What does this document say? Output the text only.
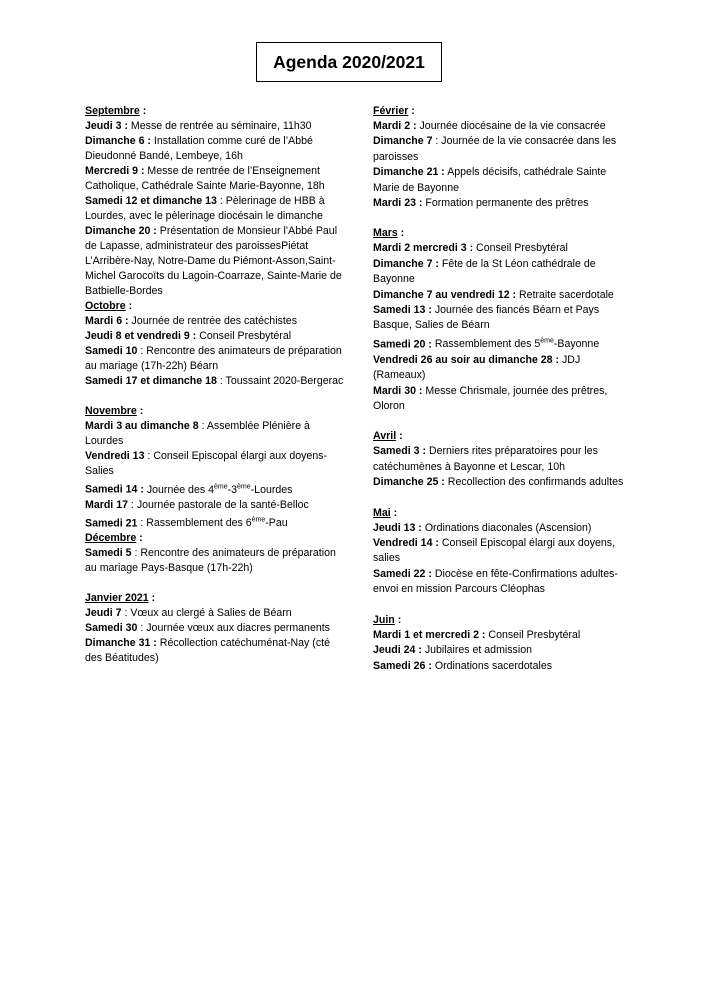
Agenda 2020/2021
Septembre :
Jeudi 3 : Messe de rentrée au séminaire, 11h30
Dimanche 6 : Installation comme curé de l’Abbé Dieudonné Bandé, Lembeye, 16h
Mercredi 9 : Messe de rentrée de l’Enseignement Catholique, Cathédrale Sainte Marie-Bayonne, 18h
Samedi 12 et dimanche 13 : Pèlerinage de HBB à Lourdes, avec le pèlerinage diocésain le dimanche
Dimanche 20 : Présentation de Monsieur l’Abbé Paul de Lapasse, administrateur des paroissesPiétat L’Arribère-Nay, Notre-Dame du Piémont-Asson,Saint-Michel Garocoïts du Lagoin-Coarraze, Sainte-Marie de Batbielle-Bordes
Octobre :
Mardi 6 : Journée de rentrée des catéchistes
Jeudi 8 et vendredi 9 : Conseil Presbytéral
Samedi 10 : Rencontre des animateurs de préparation au mariage (17h-22h) Béarn
Samedi 17 et dimanche 18 : Toussaint 2020-Bergerac
Novembre :
Mardi 3 au dimanche 8 : Assemblée Plénière à Lourdes
Vendredi 13 : Conseil Episcopal élargi aux doyens-Salies
Samedi 14 : Journée des 4ème-3ème-Lourdes
Mardi 17 : Journée pastorale de la santé-Belloc
Samedi 21 : Rassemblement des 6ème-Pau
Décembre :
Samedi 5 : Rencontre des animateurs de préparation au mariage Pays-Basque (17h-22h)
Janvier 2021 :
Jeudi 7 : Vœux au clergé à Salies de Béarn
Samedi 30 : Journée vœux aux diacres permanents
Dimanche 31 : Récollection catéchuménat-Nay (cté des Béatitudes)
Février :
Mardi 2 : Journée diocésaine de la vie consacrée
Dimanche 7 : Journée de la vie consacrée dans les paroisses
Dimanche 21 : Appels décisifs, cathédrale Sainte Marie de Bayonne
Mardi 23 : Formation permanente des prêtres
Mars :
Mardi 2 mercredi 3 : Conseil Presbytéral
Dimanche 7 : Fête de la St Léon cathédrale de Bayonne
Dimanche 7 au vendredi 12 : Retraite sacerdotale
Samedi 13 : Journée des fiancés Béarn et Pays Basque, Salies de Béarn
Samedi 20 : Rassemblement des 5ème-Bayonne
Vendredi 26 au soir au dimanche 28 : JDJ (Rameaux)
Mardi 30 : Messe Chrismale, journée des prêtres, Oloron
Avril :
Samedi 3 : Derniers rites préparatoires pour les catéchumènes à Bayonne et Lescar, 10h
Dimanche 25 : Recollection des confirmands adultes
Mai :
Jeudi 13 : Ordinations diaconales (Ascension)
Vendredi 14 : Conseil Episcopal élargi aux doyens, salies
Samedi 22 : Diocèse en fête-Confirmations adultes-envoi en mission Parcours Cléophas
Juin :
Mardi 1 et mercredi 2 : Conseil Presbytéral
Jeudi 24 : Jubilaires et admission
Samedi 26 : Ordinations sacerdotales
